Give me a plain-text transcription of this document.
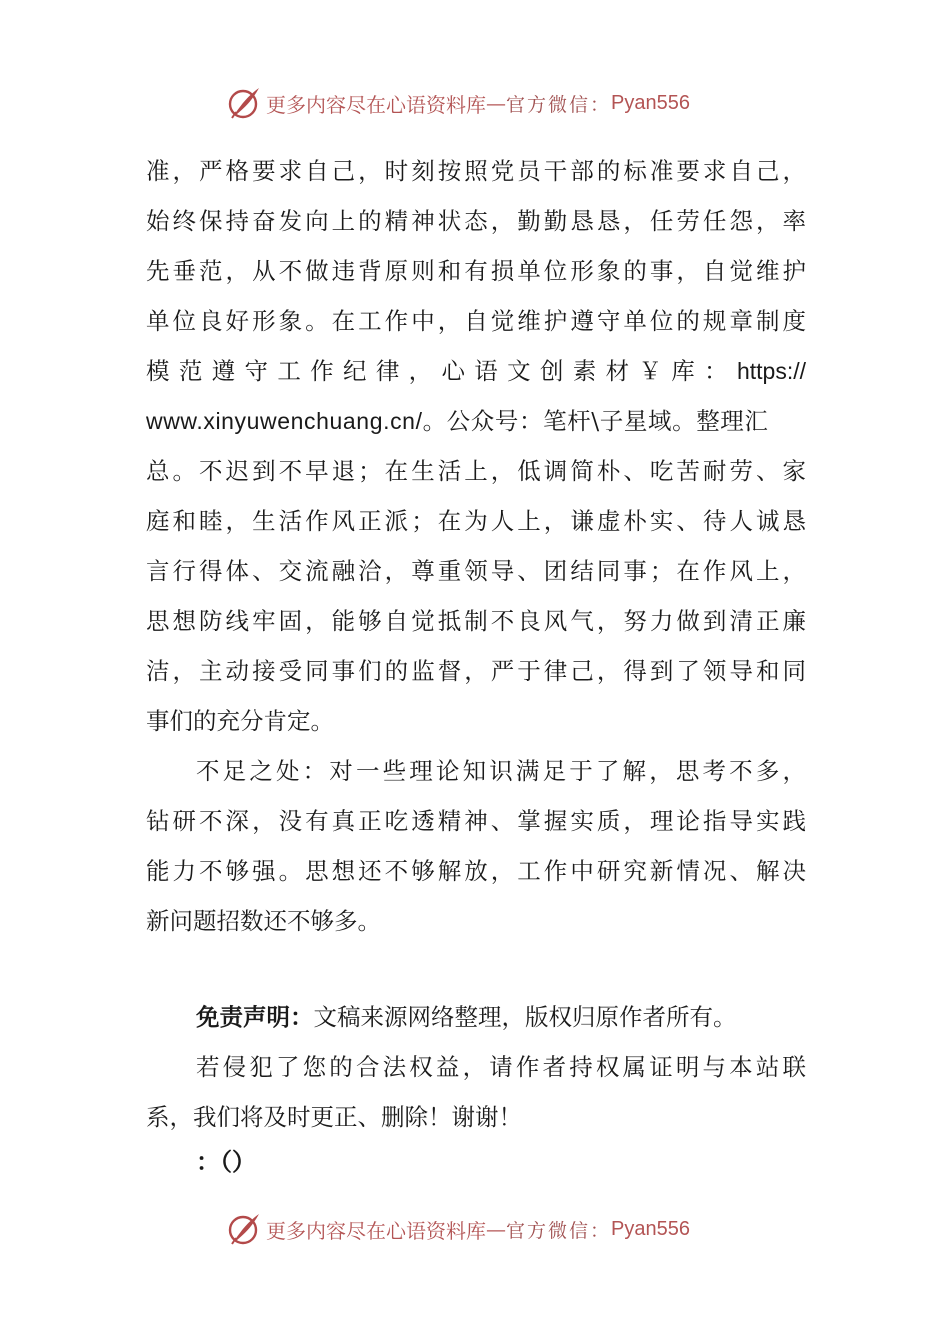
更多内容尽在心语资料库 — 官方微信： Pyan556
准，严格要求自己，时刻按照党员干部的标准要求自己，
始终保持奋发向上的精神状态，勤勤恳恳，任劳任怨，率
先垂范，从不做违背原则和有损单位形象的事，自觉维护
单位良好形象。在工作中，自觉维护遵守单位的规章制度
模范遵守工作纪律，心语文创素材￥库：https://
www.xinyuwenchuang.cn/。公众号：笔杆\子星域。整理汇
总。不迟到不早退；在生活上，低调简朴、吃苦耐劳、家
庭和睦，生活作风正派；在为人上，谦虚朴实、待人诚恳
言行得体、交流融洽，尊重领导、团结同事；在作风上，
思想防线牢固，能够自觉抵制不良风气，努力做到清正廉
洁，主动接受同事们的监督，严于律己，得到了领导和同
事们的充分肯定。
不足之处：对一些理论知识满足于了解，思考不多，
钻研不深，没有真正吃透精神、掌握实质，理论指导实践
能力不够强。思想还不够解放，工作中研究新情况、解决
新问题招数还不够多。
免责声明：文稿来源网络整理，版权归原作者所有。
若侵犯了您的合法权益，请作者持权属证明与本站联
系，我们将及时更正、删除！谢谢！
：（）
更多内容尽在心语资料库 — 官方微信： Pyan556
